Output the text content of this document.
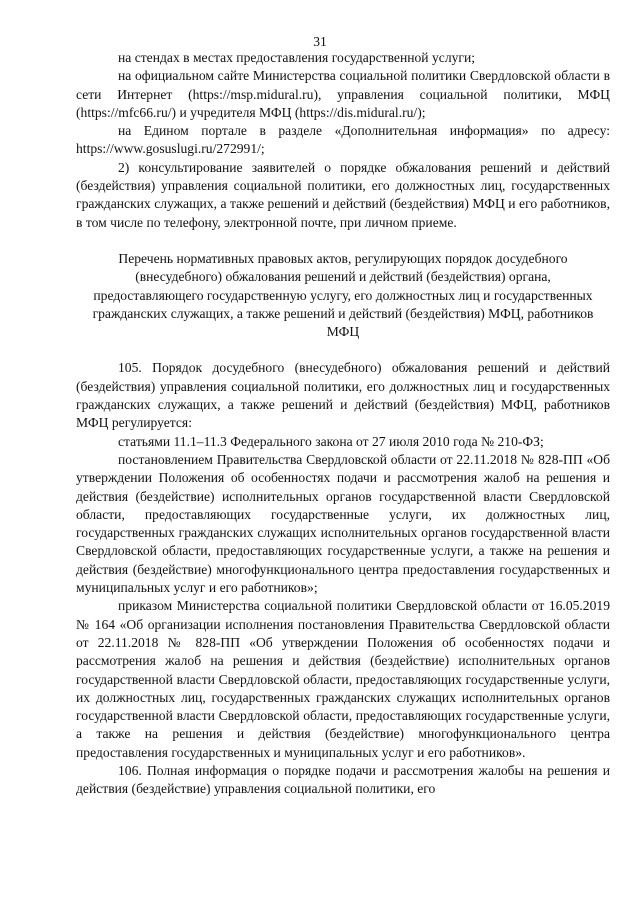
31

на стендах в местах предоставления государственной услуги;

на официальном сайте Министерства социальной политики Свердловской области в сети Интернет (https://msp.midural.ru), управления социальной политики, МФЦ (https://mfc66.ru/) и учредителя МФЦ (https://dis.midural.ru/);

на Едином портале в разделе «Дополнительная информация» по адресу: https://www.gosuslugi.ru/272991/;

2) консультирование заявителей о порядке обжалования решений и действий (бездействия) управления социальной политики, его должностных лиц, государственных гражданских служащих, а также решений и действий (бездействия) МФЦ и его работников, в том числе по телефону, электронной почте, при личном приеме.

Перечень нормативных правовых актов, регулирующих порядок досудебного (внесудебного) обжалования решений и действий (бездействия) органа, предоставляющего государственную услугу, его должностных лиц и государственных гражданских служащих, а также решений и действий (бездействия) МФЦ, работников МФЦ

105. Порядок досудебного (внесудебного) обжалования решений и действий (бездействия) управления социальной политики, его должностных лиц и государственных гражданских служащих, а также решений и действий (бездействия) МФЦ, работников МФЦ регулируется:

статьями 11.1–11.3 Федерального закона от 27 июля 2010 года № 210-ФЗ;

постановлением Правительства Свердловской области от 22.11.2018 № 828-ПП «Об утверждении Положения об особенностях подачи и рассмотрения жалоб на решения и действия (бездействие) исполнительных органов государственной власти Свердловской области, предоставляющих государственные услуги, их должностных лиц, государственных гражданских служащих исполнительных органов государственной власти Свердловской области, предоставляющих государственные услуги, а также на решения и действия (бездействие) многофункционального центра предоставления государственных и муниципальных услуг и его работников»;

приказом Министерства социальной политики Свердловской области от 16.05.2019 № 164 «Об организации исполнения постановления Правительства Свердловской области от 22.11.2018 № 828-ПП «Об утверждении Положения об особенностях подачи и рассмотрения жалоб на решения и действия (бездействие) исполнительных органов государственной власти Свердловской области, предоставляющих государственные услуги, их должностных лиц, государственных гражданских служащих исполнительных органов государственной власти Свердловской области, предоставляющих государственные услуги, а также на решения и действия (бездействие) многофункционального центра предоставления государственных и муниципальных услуг и его работников».

106. Полная информация о порядке подачи и рассмотрения жалобы на решения и действия (бездействие) управления социальной политики, его
